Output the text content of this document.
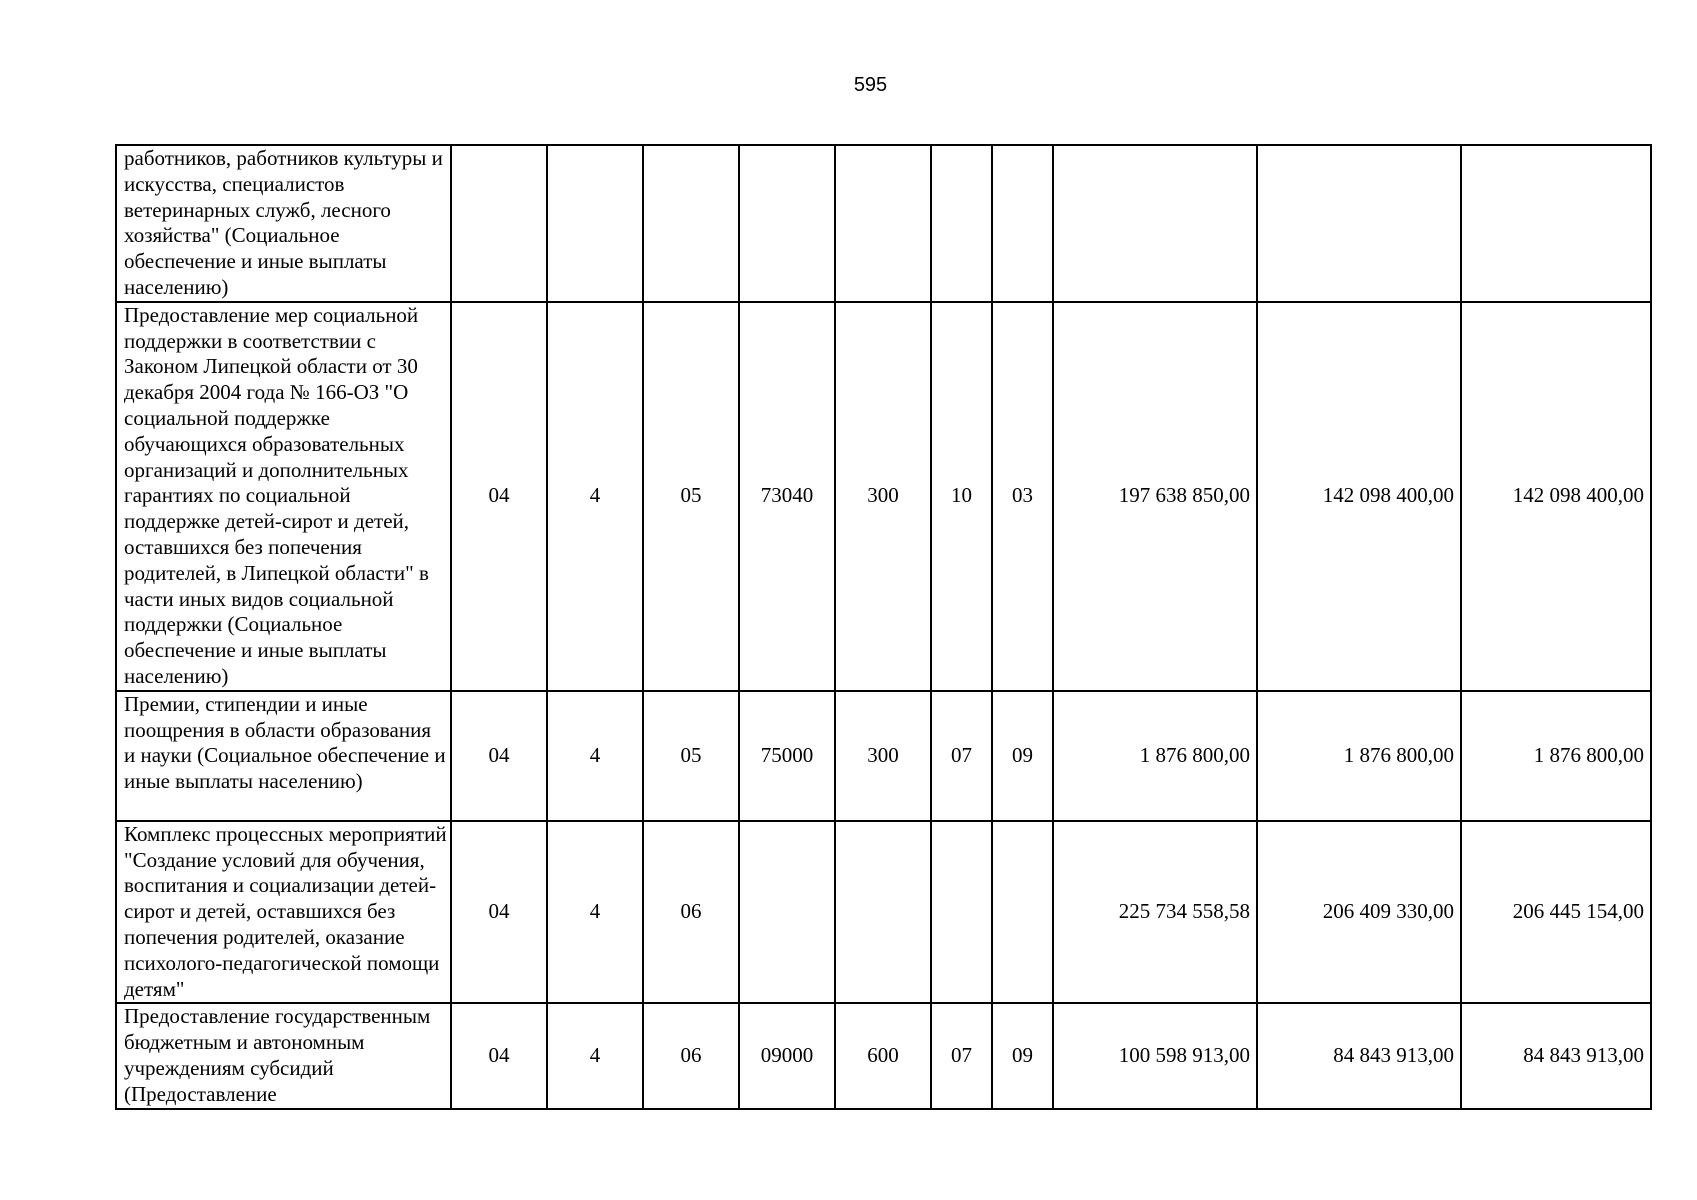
595
работников, работников культуры и искусства, специалистов ветеринарных служб, лесного хозяйства" (Социальное обеспечение и иные выплаты населению)										
Предоставление мер социальной поддержки в соответствии с Законом Липецкой области от 30 декабря 2004 года № 166-ОЗ "О социальной поддержке обучающихся образовательных организаций и дополнительных гарантиях по социальной поддержке детей-сирот и детей, оставшихся без попечения родителей, в Липецкой области" в части иных видов социальной поддержки (Социальное обеспечение и иные выплаты населению)	04	4	05	73040	300	10	03	197 638 850,00	142 098 400,00	142 098 400,00
Премии, стипендии и иные поощрения в области образования и науки (Социальное обеспечение и иные выплаты населению)	04	4	05	75000	300	07	09	1 876 800,00	1 876 800,00	1 876 800,00
Комплекс процессных мероприятий "Создание условий для обучения, воспитания и социализации детей-сирот и детей, оставшихся без попечения родителей, оказание психолого-педагогической помощи детям"	04	4	06					225 734 558,58	206 409 330,00	206 445 154,00
Предоставление государственным бюджетным и автономным учреждениям субсидий (Предоставление	04	4	06	09000	600	07	09	100 598 913,00	84 843 913,00	84 843 913,00
